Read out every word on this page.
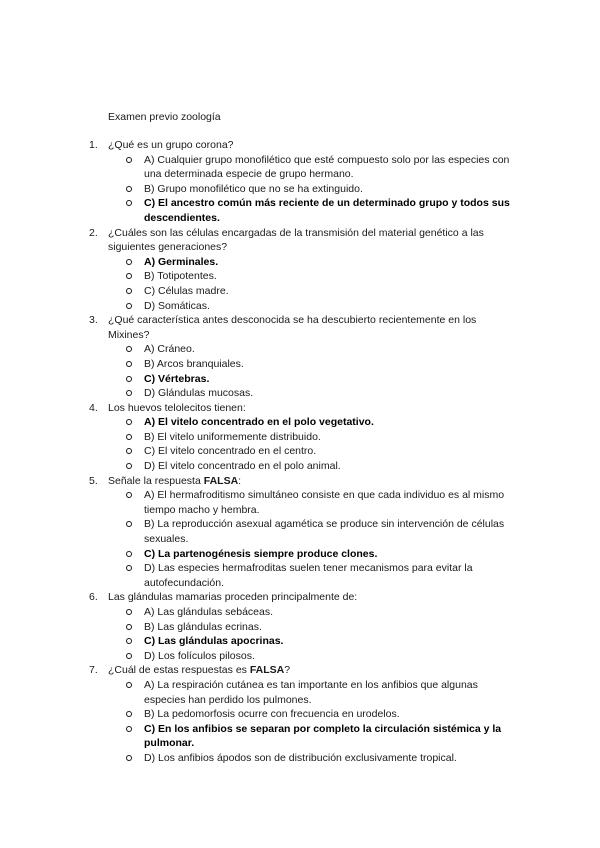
Examen previo zoología
1. ¿Qué es un grupo corona?
A) Cualquier grupo monofilético que esté compuesto solo por las especies con una determinada especie de grupo hermano.
B) Grupo monofilético que no se ha extinguido.
C) El ancestro común más reciente de un determinado grupo y todos sus descendientes.
2. ¿Cuáles son las células encargadas de la transmisión del material genético a las siguientes generaciones?
A) Germinales.
B) Totipotentes.
C) Células madre.
D) Somáticas.
3. ¿Qué característica antes desconocida se ha descubierto recientemente en los Mixines?
A) Cráneo.
B) Arcos branquiales.
C) Vértebras.
D) Glándulas mucosas.
4. Los huevos telolecitos tienen:
A) El vitelo concentrado en el polo vegetativo.
B) El vitelo uniformemente distribuido.
C) El vitelo concentrado en el centro.
D) El vitelo concentrado en el polo animal.
5. Señale la respuesta FALSA:
A) El hermafroditismo simultáneo consiste en que cada individuo es al mismo tiempo macho y hembra.
B) La reproducción asexual agamética se produce sin intervención de células sexuales.
C) La partenogénesis siempre produce clones.
D) Las especies hermafroditas suelen tener mecanismos para evitar la autofecundación.
6. Las glándulas mamarias proceden principalmente de:
A) Las glándulas sebáceas.
B) Las glándulas ecrinas.
C) Las glándulas apocrinas.
D) Los folículos pilosos.
7. ¿Cuál de estas respuestas es FALSA?
A) La respiración cutánea es tan importante en los anfibios que algunas especies han perdido los pulmones.
B) La pedomorfosis ocurre con frecuencia en urodelos.
C) En los anfibios se separan por completo la circulación sistémica y la pulmonar.
D) Los anfibios ápodos son de distribución exclusivamente tropical.
